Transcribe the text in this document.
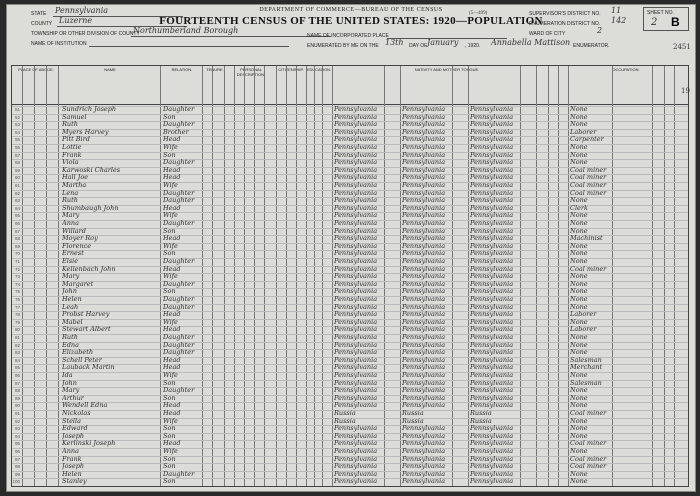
DEPARTMENT OF COMMERCE—BUREAU OF THE CENSUS
FOURTEENTH CENSUS OF THE UNITED STATES: 1920—POPULATION
(5—499)
STATE Pennsylvania
COUNTY Luzerne
TOWNSHIP OR OTHER DIVISION OF COUNTY
Northumberland Borough
NAME OF INSTITUTION
NAME OF INCORPORATED PLACE
ENUMERATED BY ME ON THE 13th DAY OF January , 1920. Annabella Mattison ENUMERATOR.
SUPERVISOR'S DISTRICT NO. 11
ENUMERATION DISTRICT NO. 142
WARD OF CITY	2
SHEET NO.
2 B
PLACE OF ABODE.	NAME	RELATION.	TENURE.	PERSONAL DESCRIPTION.
CITIZENSHIP. EDUCATION.	NATIVITY AND MOTHER TONGUE.	OCCUPATION.
51	Sundrich Joseph	Daughter	Pennsylvania	Pennsylvania	Pennsylvania	None
52	Samuel	Son	Pennsylvania	Pennsylvania	Pennsylvania	None
53	Ruth	Daughter	Pennsylvania	Pennsylvania	Pennsylvania	None
54	Myers Harvey	Brother	Pennsylvania	Pennsylvania	Pennsylvania	Laborer
55	Pitt Bird	Head	Pennsylvania	Pennsylvania	Pennsylvania	Carpenter
56	Lottie	Wife	Pennsylvania	Pennsylvania	Pennsylvania	None
57	Frank	Son	Pennsylvania	Pennsylvania	Pennsylvania	None
58	Viola	Daughter	Pennsylvania	Pennsylvania	Pennsylvania	None
59	Karwoski Charles	Head	Pennsylvania	Pennsylvania	Pennsylvania	Coal miner
60	Hall Joe	Head	Pennsylvania	Pennsylvania	Pennsylvania	Coal miner
61	Martha	Wife	Pennsylvania	Pennsylvania	Pennsylvania	Coal miner
62	Lena	Daughter	Pennsylvania	Pennsylvania	Pennsylvania	Coal miner
63	Ruth	Daughter	Pennsylvania	Pennsylvania	Pennsylvania	None
64	Shumbaugh John	Head	Pennsylvania	Pennsylvania	Pennsylvania	Clerk
65	Mary	Wife	Pennsylvania	Pennsylvania	Pennsylvania	None
66	Anna	Daughter	Pennsylvania	Pennsylvania	Pennsylvania	None
67	Willard	Son	Pennsylvania	Pennsylvania	Pennsylvania	None
68	Moyer Roy	Head	Pennsylvania	Pennsylvania	Pennsylvania	Machinist
69	Florence	Wife	Pennsylvania	Pennsylvania	Pennsylvania	None
70	Ernest	Son	Pennsylvania	Pennsylvania	Pennsylvania	None
71	Elsie	Daughter	Pennsylvania	Pennsylvania	Pennsylvania	None
72	Kellenbach John	Head	Pennsylvania	Pennsylvania	Pennsylvania	Coal miner
73	Mary	Wife	Pennsylvania	Pennsylvania	Pennsylvania	None
74	Margaret	Daughter	Pennsylvania	Pennsylvania	Pennsylvania	None
75	John	Son	Pennsylvania	Pennsylvania	Pennsylvania	None
76	Helen	Daughter	Pennsylvania	Pennsylvania	Pennsylvania	None
77	Leah	Daughter	Pennsylvania	Pennsylvania	Pennsylvania	None
78	Probst Harvey	Head	Pennsylvania	Pennsylvania	Pennsylvania	Laborer
79	Mabel	Wife	Pennsylvania	Pennsylvania	Pennsylvania	None
80	Stewart Albert	Head	Pennsylvania	Pennsylvania	Pennsylvania	Laborer
81	Ruth	Daughter	Pennsylvania	Pennsylvania	Pennsylvania	None
82	Edna	Daughter	Pennsylvania	Pennsylvania	Pennsylvania	None
83	Elizabeth	Daughter	Pennsylvania	Pennsylvania	Pennsylvania	None
84	Schell Peter	Head	Pennsylvania	Pennsylvania	Pennsylvania	Salesman
85	Lauback Martin	Head	Pennsylvania	Pennsylvania	Pennsylvania	Merchant
86	Ida	Wife	Pennsylvania	Pennsylvania	Pennsylvania	None
87	John	Son	Pennsylvania	Pennsylvania	Pennsylvania	Salesman
88	Mary	Daughter	Pennsylvania	Pennsylvania	Pennsylvania	None
89	Arthur	Son	Pennsylvania	Pennsylvania	Pennsylvania	None
90	Wendell Edna	Head	Pennsylvania	Pennsylvania	Pennsylvania	None
91	Nickolas	Head	Russia	Russia	Russia	Coal miner
92	Stella	Wife	Russia	Russia	Russia	None
93	Edward	Son	Pennsylvania	Pennsylvania	Pennsylvania	None
94	Joseph	Son	Pennsylvania	Pennsylvania	Pennsylvania	None
95	Kerlinski Joseph	Head	Pennsylvania	Pennsylvania	Pennsylvania	Coal miner
96	Anna	Wife	Pennsylvania	Pennsylvania	Pennsylvania	None
97	Frank	Son	Pennsylvania	Pennsylvania	Pennsylvania	Coal miner
98	Joseph	Son	Pennsylvania	Pennsylvania	Pennsylvania	Coal miner
99	Helen	Daughter	Pennsylvania	Pennsylvania	Pennsylvania	None
100	Stanley	Son	Pennsylvania	Pennsylvania	Pennsylvania	None
2451
19
